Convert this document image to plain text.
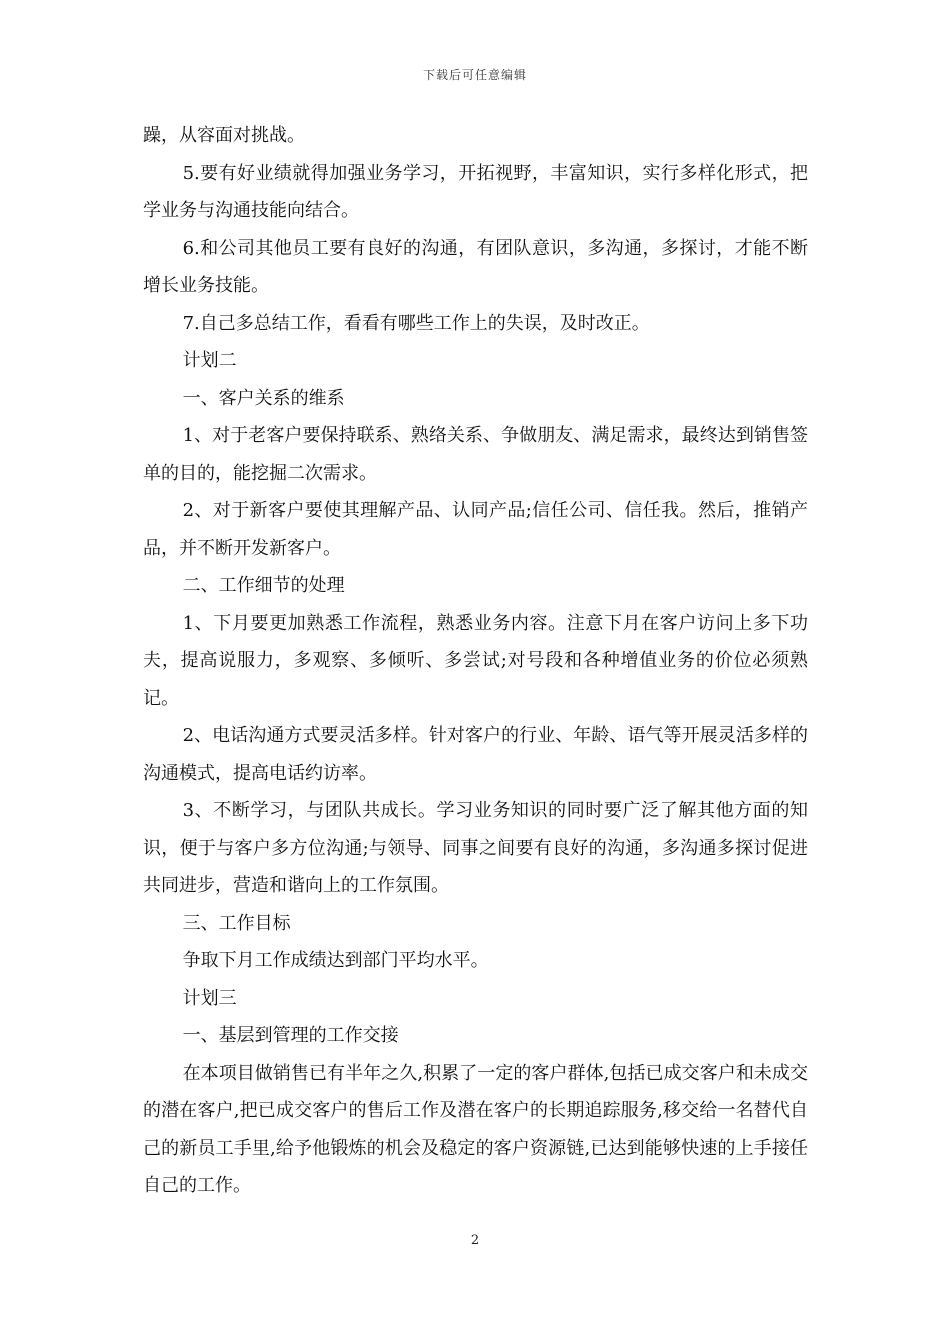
下载后可任意编辑

躁，从容面对挑战。

5.要有好业绩就得加强业务学习，开拓视野，丰富知识，实行多样化形式，把学业务与沟通技能向结合。

6.和公司其他员工要有良好的沟通，有团队意识，多沟通，多探讨，才能不断增长业务技能。

7.自己多总结工作，看看有哪些工作上的失误，及时改正。

计划二

一、客户关系的维系

1、对于老客户要保持联系、熟络关系、争做朋友、满足需求，最终达到销售签单的目的，能挖掘二次需求。

2、对于新客户要使其理解产品、认同产品;信任公司、信任我。然后，推销产品，并不断开发新客户。

二、工作细节的处理

1、下月要更加熟悉工作流程，熟悉业务内容。注意下月在客户访问上多下功夫，提高说服力，多观察、多倾听、多尝试;对号段和各种增值业务的价位必须熟记。

2、电话沟通方式要灵活多样。针对客户的行业、年龄、语气等开展灵活多样的沟通模式，提高电话约访率。

3、不断学习，与团队共成长。学习业务知识的同时要广泛了解其他方面的知识，便于与客户多方位沟通;与领导、同事之间要有良好的沟通，多沟通多探讨促进共同进步，营造和谐向上的工作氛围。

三、工作目标

争取下月工作成绩达到部门平均水平。

计划三

一、基层到管理的工作交接

在本项目做销售已有半年之久,积累了一定的客户群体,包括已成交客户和未成交的潜在客户,把已成交客户的售后工作及潜在客户的长期追踪服务,移交给一名替代自己的新员工手里,给予他锻炼的机会及稳定的客户资源链,已达到能够快速的上手接任自己的工作。

2
